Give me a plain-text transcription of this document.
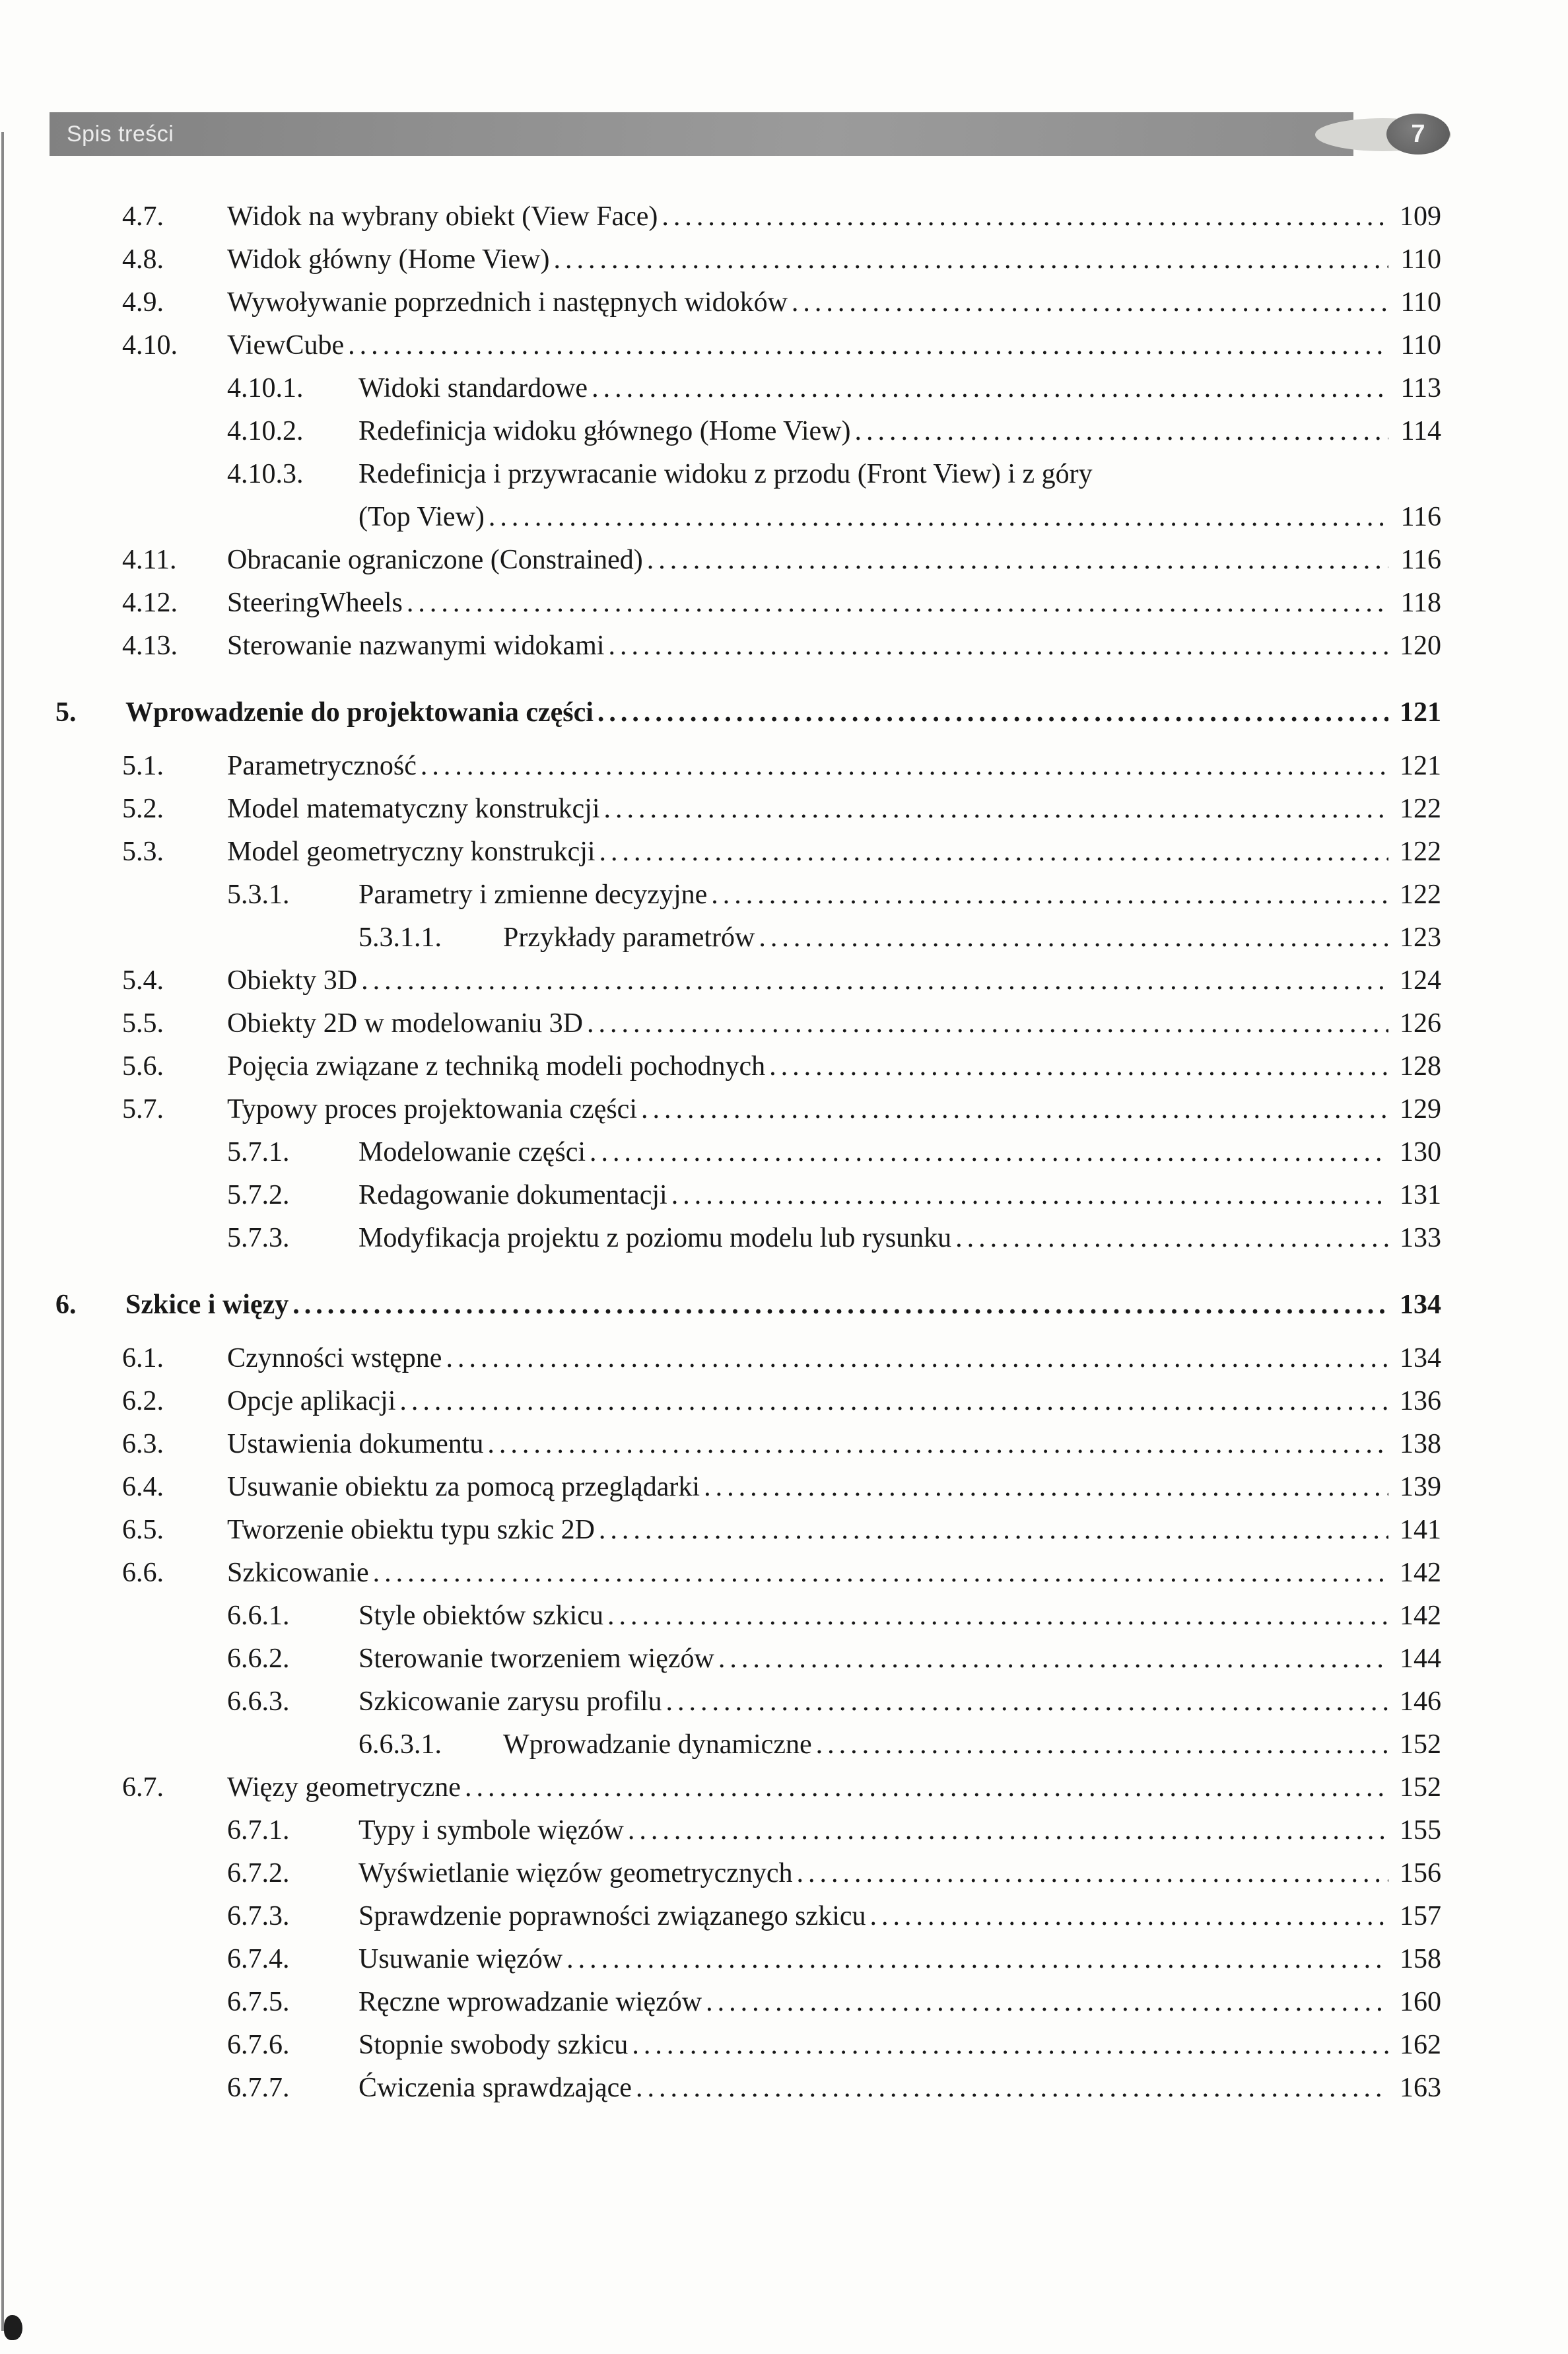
Spis treści	7
4.7.	Widok na wybrany obiekt (View Face) .....	109
4.8.	Widok główny (Home View) .....	110
4.9.	Wywoływanie poprzednich i następnych widoków .....	110
4.10.	ViewCube .....	110
4.10.1.	Widoki standardowe .....	113
4.10.2.	Redefinicja widoku głównego (Home View) .....	114
4.10.3.	Redefinicja i przywracanie widoku z przodu (Front View) i z góry
(Top View) .....	116
4.11.	Obracanie ograniczone (Constrained) .....	116
4.12.	SteeringWheels .....	118
4.13.	Sterowanie nazwanymi widokami .....	120
5.	Wprowadzenie do projektowania części .....	121
5.1.	Parametryczność .....	121
5.2.	Model matematyczny konstrukcji .....	122
5.3.	Model geometryczny konstrukcji .....	122
5.3.1.	Parametry i zmienne decyzyjne .....	122
5.3.1.1.	Przykłady parametrów .....	123
5.4.	Obiekty 3D .....	124
5.5.	Obiekty 2D w modelowaniu 3D .....	126
5.6.	Pojęcia związane z techniką modeli pochodnych .....	128
5.7.	Typowy proces projektowania części .....	129
5.7.1.	Modelowanie części .....	130
5.7.2.	Redagowanie dokumentacji .....	131
5.7.3.	Modyfikacja projektu z poziomu modelu lub rysunku .....	133
6.	Szkice i więzy .....	134
6.1.	Czynności wstępne .....	134
6.2.	Opcje aplikacji .....	136
6.3.	Ustawienia dokumentu .....	138
6.4.	Usuwanie obiektu za pomocą przeglądarki .....	139
6.5.	Tworzenie obiektu typu szkic 2D .....	141
6.6.	Szkicowanie .....	142
6.6.1.	Style obiektów szkicu .....	142
6.6.2.	Sterowanie tworzeniem więzów .....	144
6.6.3.	Szkicowanie zarysu profilu .....	146
6.6.3.1.	Wprowadzanie dynamiczne .....	152
6.7.	Więzy geometryczne .....	152
6.7.1.	Typy i symbole więzów .....	155
6.7.2.	Wyświetlanie więzów geometrycznych .....	156
6.7.3.	Sprawdzenie poprawności związanego szkicu .....	157
6.7.4.	Usuwanie więzów .....	158
6.7.5.	Ręczne wprowadzanie więzów .....	160
6.7.6.	Stopnie swobody szkicu .....	162
6.7.7.	Ćwiczenia sprawdzające .....	163
